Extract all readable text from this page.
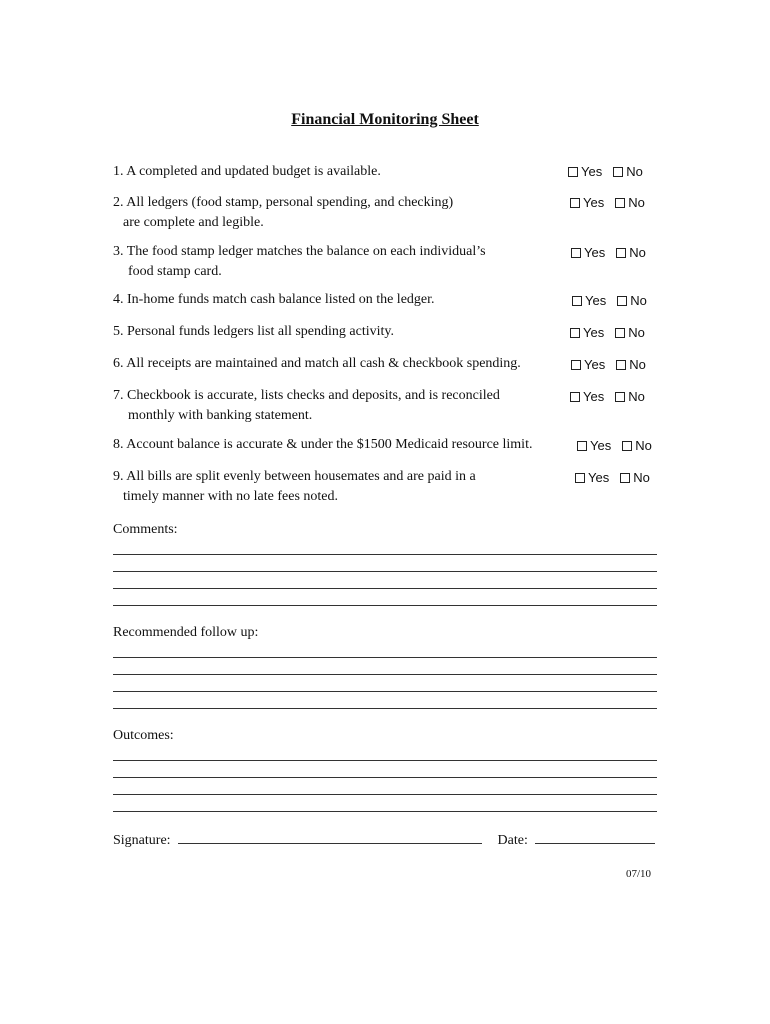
Financial Monitoring Sheet
1. A completed and updated budget is available.	Yes No
2. All ledgers (food stamp, personal spending, and checking)
are complete and legible.
Yes No
3. The food stamp ledger matches the balance on each individual’s
food stamp card.
Yes No
4. In-home funds match cash balance listed on the ledger.	Yes No
5. Personal funds ledgers list all spending activity.	Yes No
6. All receipts are maintained and match all cash & checkbook spending.	Yes No
7. Checkbook is accurate, lists checks and deposits, and is reconciled
monthly with banking statement.
Yes No
8. Account balance is accurate & under the $1500 Medicaid resource limit.	Yes No
9. All bills are split evenly between housemates and are paid in a
timely manner with no late fees noted.
Yes No
Comments:
Recommended follow up:
Outcomes:
Signature:	Date:
07/10
